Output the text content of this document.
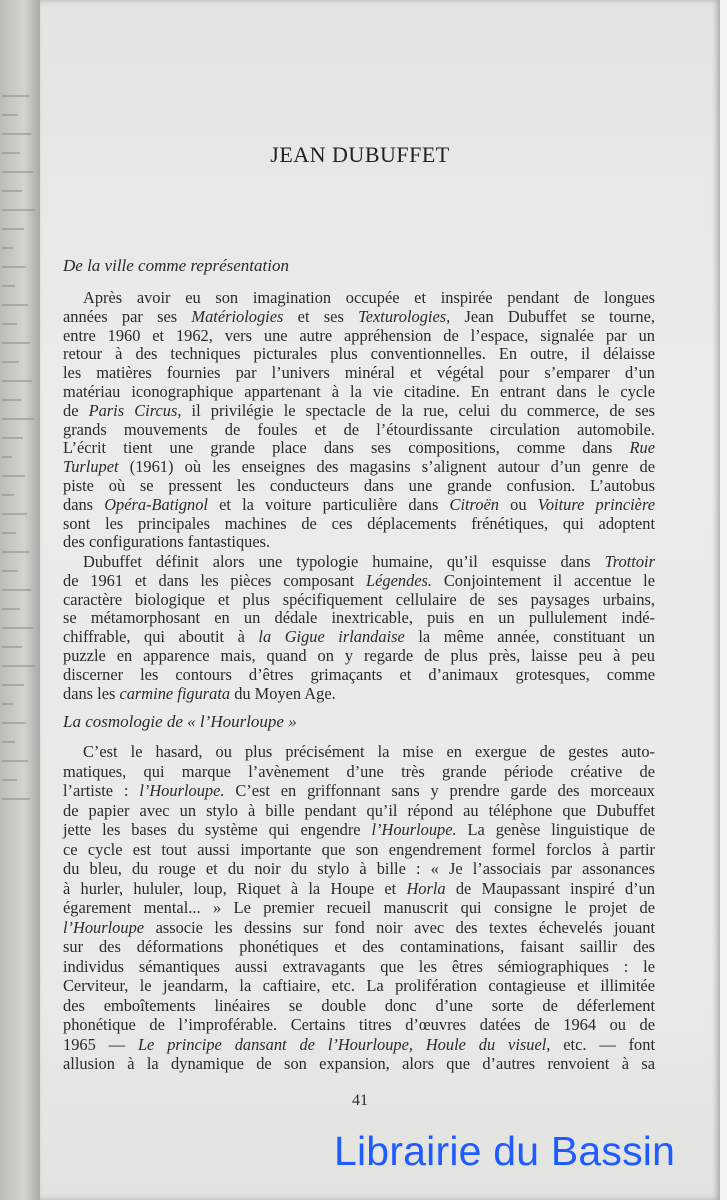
JEAN DUBUFFET
De la ville comme représentation
Après avoir eu son imagination occupée et inspirée pendant de longues
années par ses Matériologies et ses Texturologies, Jean Dubuffet se tourne,
entre 1960 et 1962, vers une autre appréhension de l’espace, signalée par un
retour à des techniques picturales plus conventionnelles. En outre, il délaisse
les matières fournies par l’univers minéral et végétal pour s’emparer d’un
matériau iconographique appartenant à la vie citadine. En entrant dans le cycle
de Paris Circus, il privilégie le spectacle de la rue, celui du commerce, de ses
grands mouvements de foules et de l’étourdissante circulation automobile.
L’écrit tient une grande place dans ses compositions, comme dans Rue
Turlupet (1961) où les enseignes des magasins s’alignent autour d’un genre de
piste où se pressent les conducteurs dans une grande confusion. L’autobus
dans Opéra-Batignol et la voiture particulière dans Citroën ou Voiture princière
sont les principales machines de ces déplacements frénétiques, qui adoptent
des configurations fantastiques.
Dubuffet définit alors une typologie humaine, qu’il esquisse dans Trottoir
de 1961 et dans les pièces composant Légendes. Conjointement il accentue le
caractère biologique et plus spécifiquement cellulaire de ses paysages urbains,
se métamorphosant en un dédale inextricable, puis en un pullulement indé-
chiffrable, qui aboutit à la Gigue irlandaise la même année, constituant un
puzzle en apparence mais, quand on y regarde de plus près, laisse peu à peu
discerner les contours d’êtres grimaçants et d’animaux grotesques, comme
dans les carmine figurata du Moyen Age.
La cosmologie de « l’Hourloupe »
C’est le hasard, ou plus précisément la mise en exergue de gestes auto-
matiques, qui marque l’avènement d’une très grande période créative de
l’artiste : l’Hourloupe. C’est en griffonnant sans y prendre garde des morceaux
de papier avec un stylo à bille pendant qu’il répond au téléphone que Dubuffet
jette les bases du système qui engendre l’Hourloupe. La genèse linguistique de
ce cycle est tout aussi importante que son engendrement formel forclos à partir
du bleu, du rouge et du noir du stylo à bille : « Je l’associais par assonances
à hurler, hululer, loup, Riquet à la Houpe et Horla de Maupassant inspiré d’un
égarement mental... » Le premier recueil manuscrit qui consigne le projet de
l’Hourloupe associe les dessins sur fond noir avec des textes échevelés jouant
sur des déformations phonétiques et des contaminations, faisant saillir des
individus sémantiques aussi extravagants que les êtres sémiographiques : le
Cerviteur, le jeandarm, la caftiaire, etc. La prolifération contagieuse et illimitée
des emboîtements linéaires se double donc d’une sorte de déferlement
phonétique de l’improférable. Certains titres d’œuvres datées de 1964 ou de
1965 — Le principe dansant de l’Hourloupe, Houle du visuel, etc. — font
allusion à la dynamique de son expansion, alors que d’autres renvoient à sa
41
Librairie du Bassin
